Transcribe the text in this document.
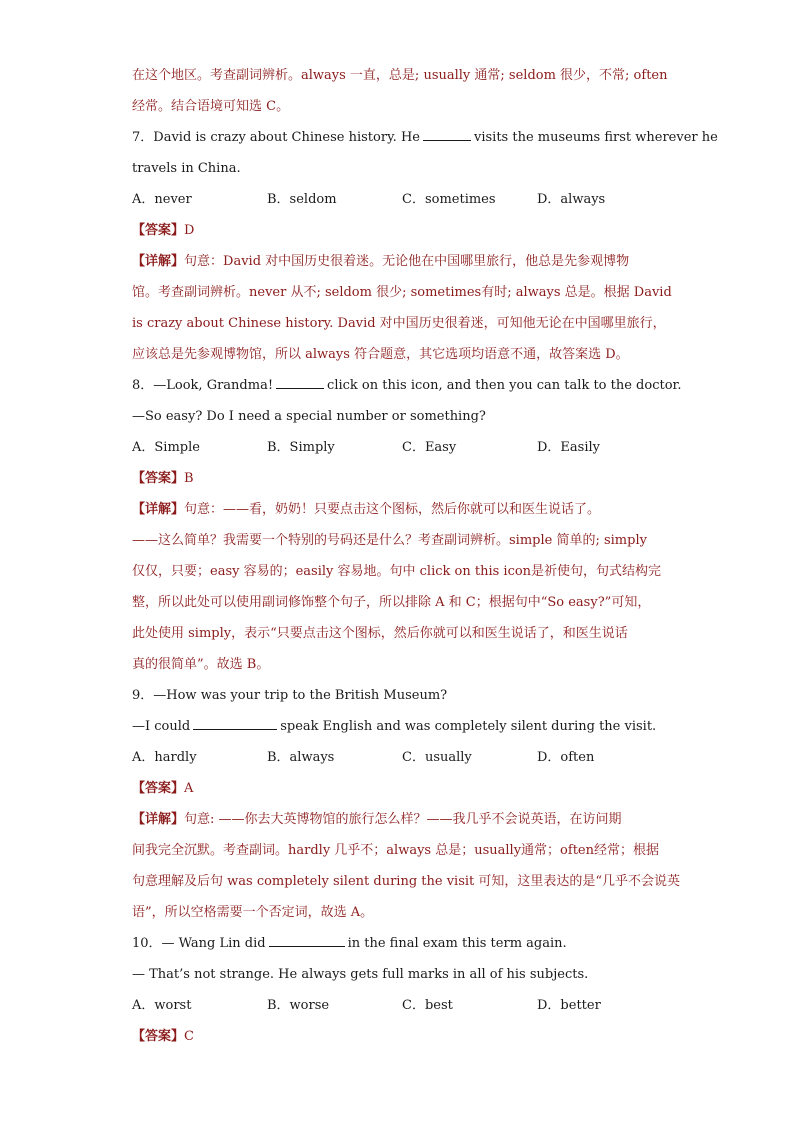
在这个地区。考查副词辨析。always 一直，总是; usually 通常; seldom 很少，不常; often
经常。结合语境可知选 C。
7．David is crazy about Chinese history. He	visits the museums first wherever he
travels in China.
A．never	B．seldom	C．sometimes	D．always
【答案】D
【详解】句意：David 对中国历史很着迷。无论他在中国哪里旅行，他总是先参观博物
馆。考查副词辨析。never 从不; seldom 很少; sometimes有时; always 总是。根据 David
is crazy about Chinese history. David 对中国历史很着迷，可知他无论在中国哪里旅行，
应该总是先参观博物馆，所以 always 符合题意，其它选项均语意不通，故答案选 D。
8．—Look, Grandma!	click on this icon, and then you can talk to the doctor.
—So easy? Do I need a special number or something?
A．Simple	B．Simply	C．Easy	D．Easily
【答案】B
【详解】句意：——看，奶奶！只要点击这个图标，然后你就可以和医生说话了。
——这么简单？我需要一个特别的号码还是什么？考查副词辨析。simple 简单的; simply
仅仅，只要；easy 容易的；easily 容易地。句中 click on this icon是祈使句，句式结构完
整，所以此处可以使用副词修饰整个句子，所以排除 A 和 C；根据句中“So easy?”可知，
此处使用 simply，表示“只要点击这个图标，然后你就可以和医生说话了，和医生说话
真的很简单”。故选 B。
9．—How was your trip to the British Museum?
—I could	speak English and was completely silent during the visit.
A．hardly	B．always	C．usually	D．often
【答案】A
【详解】句意: ——你去大英博物馆的旅行怎么样？——我几乎不会说英语，在访问期
间我完全沉默。考查副词。hardly 几乎不；always 总是；usually通常；often经常；根据
句意理解及后句 was completely silent during the visit 可知，这里表达的是“几乎不会说英
语”，所以空格需要一个否定词，故选 A。
10．— Wang Lin did	in the final exam this term again.
— That’s not strange. He always gets full marks in all of his subjects.
A．worst	B．worse	C．best	D．better
【答案】C
